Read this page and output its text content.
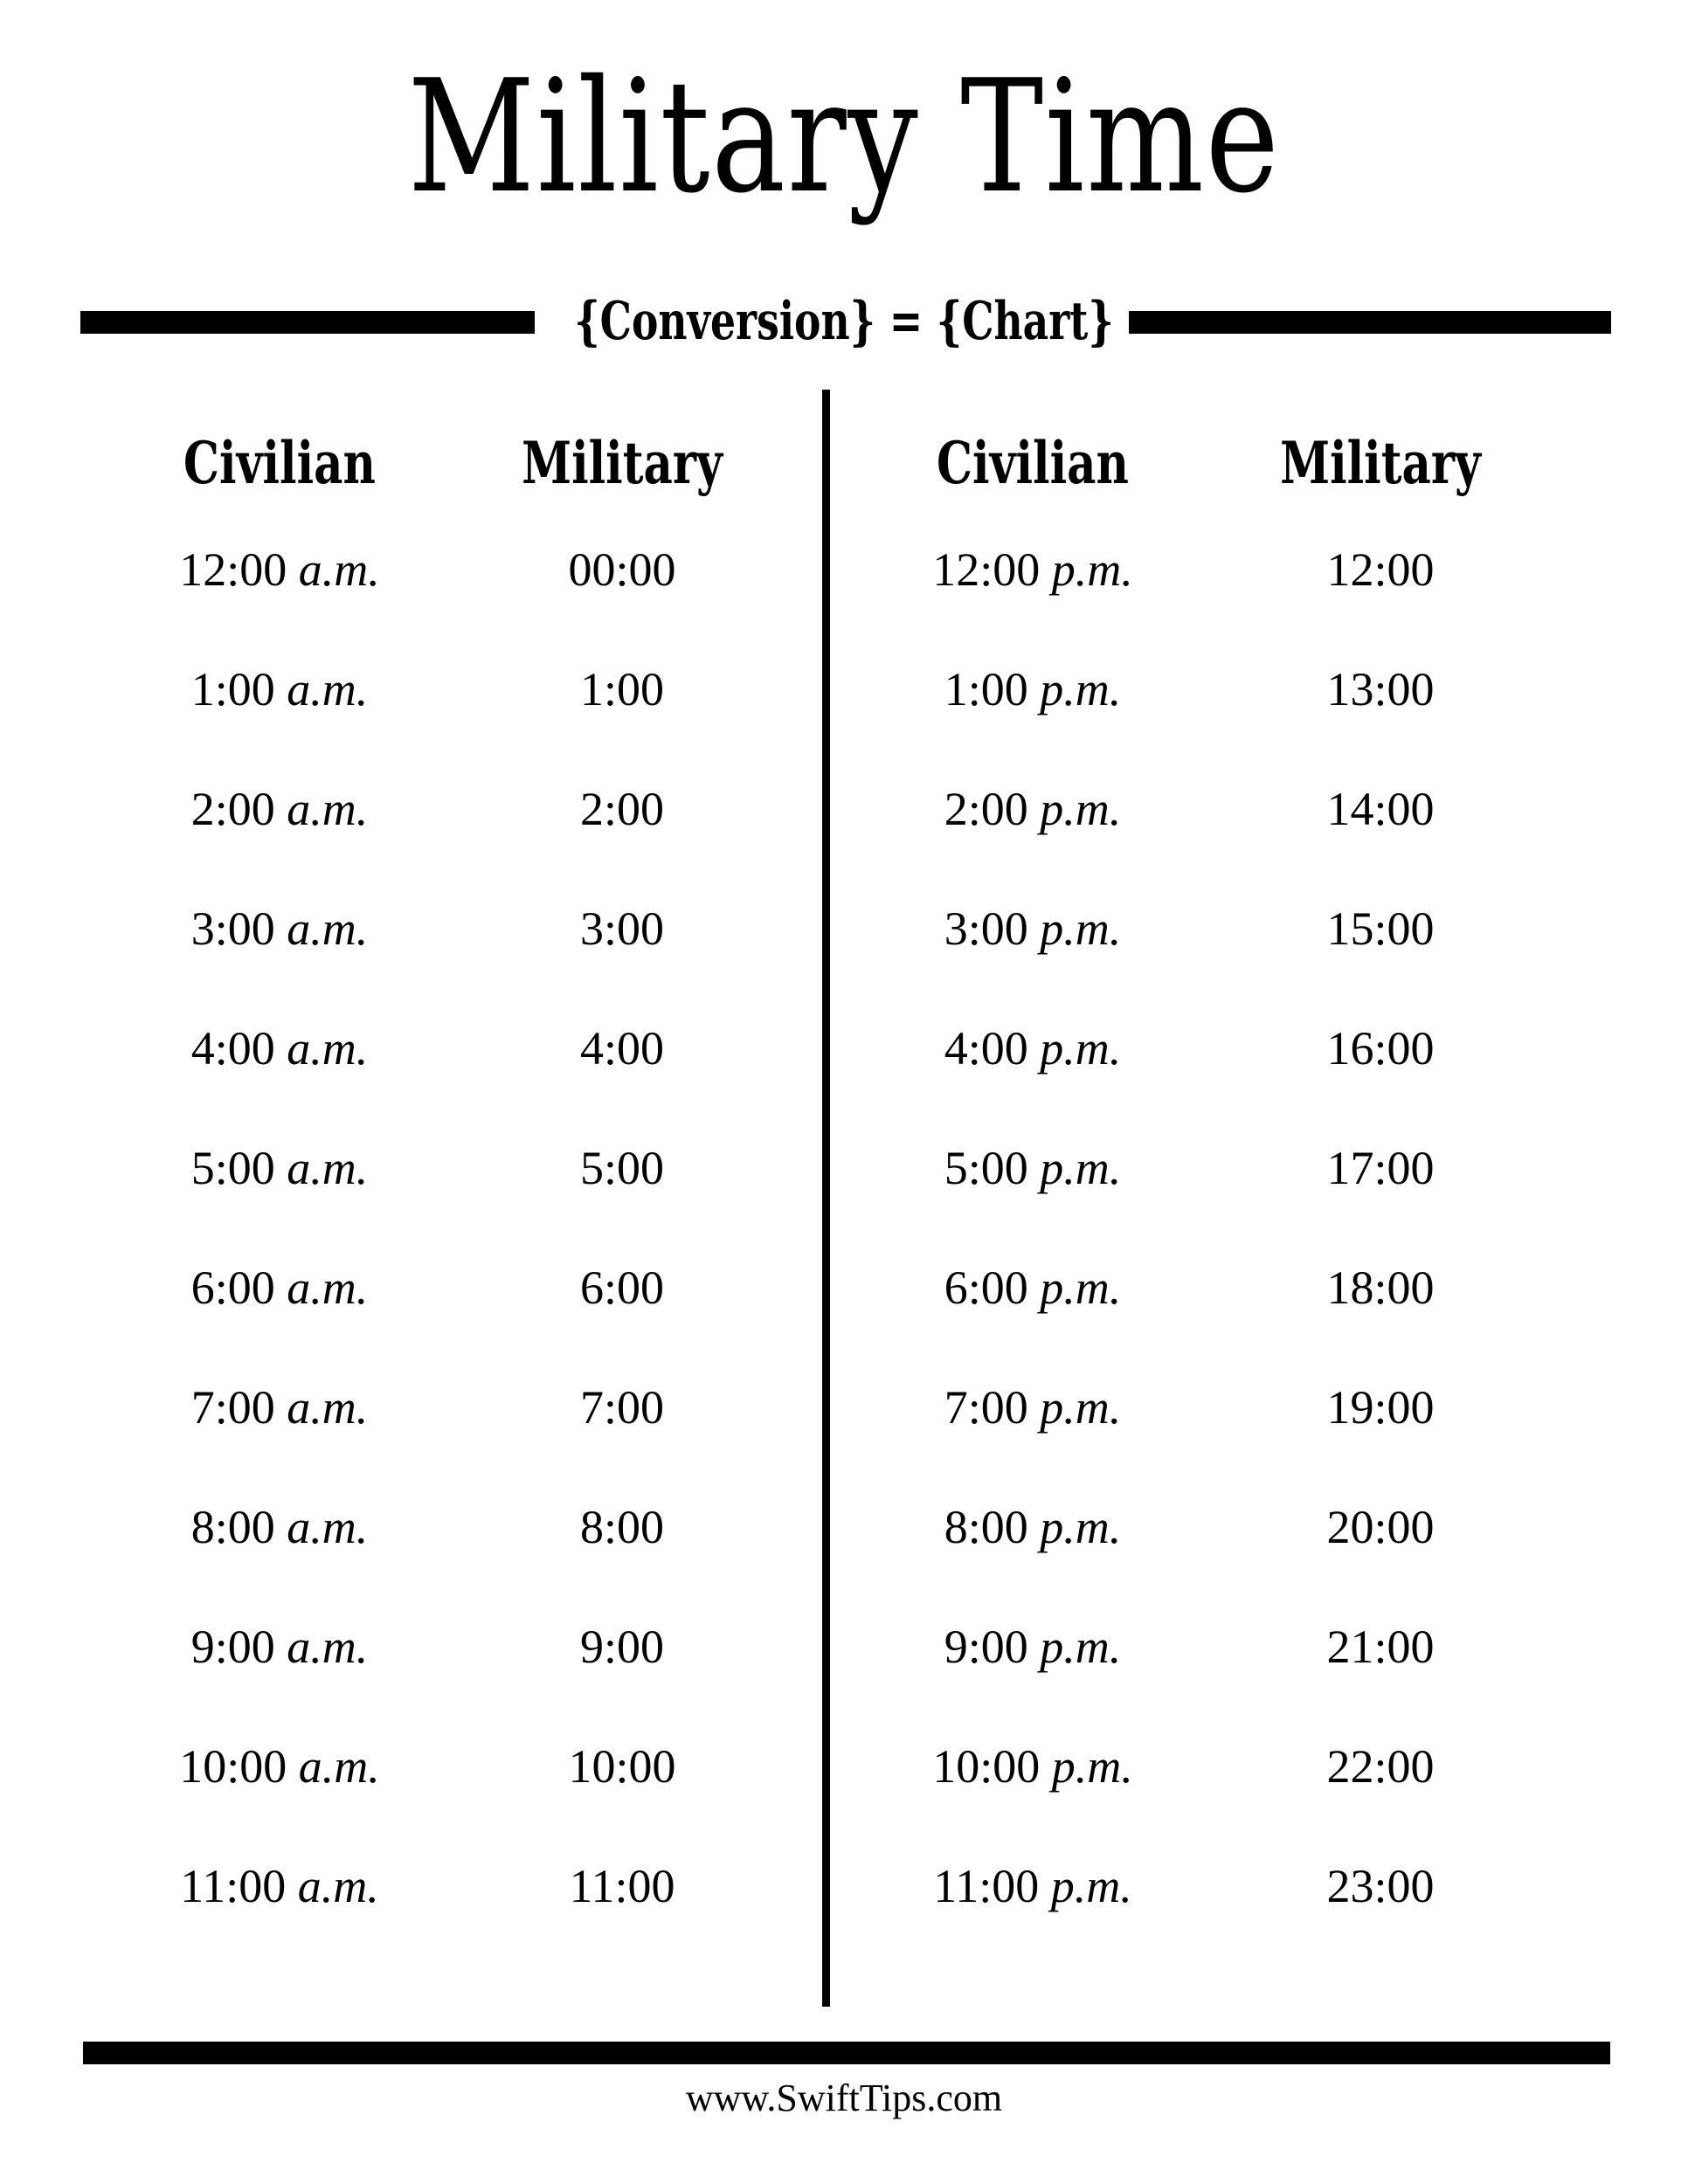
Military Time
{Conversion} = {Chart}
Civilian	Military	Civilian	Military
12:00 a.m.	00:00	12:00 p.m.	12:00
1:00 a.m.	1:00	1:00 p.m.	13:00
2:00 a.m.	2:00	2:00 p.m.	14:00
3:00 a.m.	3:00	3:00 p.m.	15:00
4:00 a.m.	4:00	4:00 p.m.	16:00
5:00 a.m.	5:00	5:00 p.m.	17:00
6:00 a.m.	6:00	6:00 p.m.	18:00
7:00 a.m.	7:00	7:00 p.m.	19:00
8:00 a.m.	8:00	8:00 p.m.	20:00
9:00 a.m.	9:00	9:00 p.m.	21:00
10:00 a.m.	10:00	10:00 p.m.	22:00
11:00 a.m.	11:00	11:00 p.m.	23:00
www.SwiftTips.com
